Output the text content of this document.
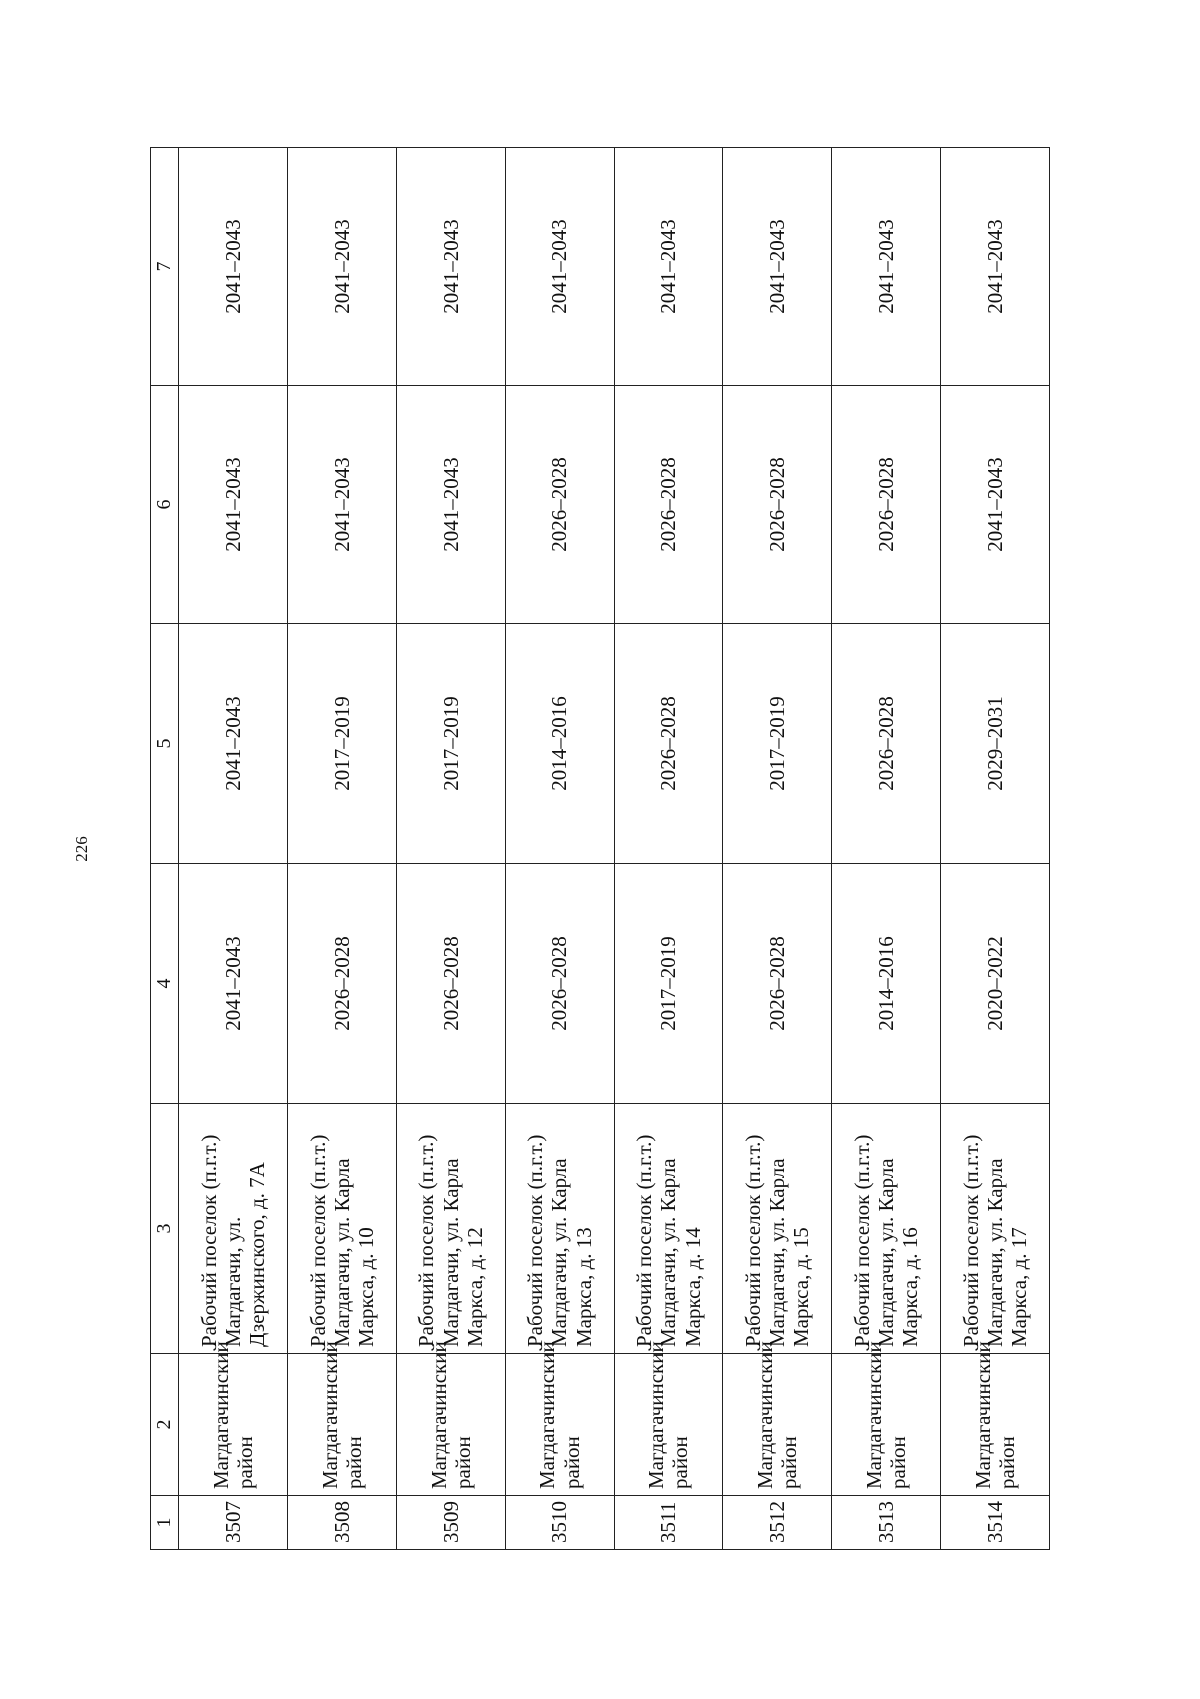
226
1	2	3	4	5	6	7
3507	Магдагачинский район	Рабочий поселок (п.г.т.) Магдагачи, ул. Дзержинского, д. 7А	2041–2043	2041–2043	2041–2043	2041–2043
3508	Магдагачинский район	Рабочий поселок (п.г.т.) Магдагачи, ул. Карла Маркса, д. 10	2026–2028	2017–2019	2041–2043	2041–2043
3509	Магдагачинский район	Рабочий поселок (п.г.т.) Магдагачи, ул. Карла Маркса, д. 12	2026–2028	2017–2019	2041–2043	2041–2043
3510	Магдагачинский район	Рабочий поселок (п.г.т.) Магдагачи, ул. Карла Маркса, д. 13	2026–2028	2014–2016	2026–2028	2041–2043
3511	Магдагачинский район	Рабочий поселок (п.г.т.) Магдагачи, ул. Карла Маркса, д. 14	2017–2019	2026–2028	2026–2028	2041–2043
3512	Магдагачинский район	Рабочий поселок (п.г.т.) Магдагачи, ул. Карла Маркса, д. 15	2026–2028	2017–2019	2026–2028	2041–2043
3513	Магдагачинский район	Рабочий поселок (п.г.т.) Магдагачи, ул. Карла Маркса, д. 16	2014–2016	2026–2028	2026–2028	2041–2043
3514	Магдагачинский район	Рабочий поселок (п.г.т.) Магдагачи, ул. Карла Маркса, д. 17	2020–2022	2029–2031	2041–2043	2041–2043
